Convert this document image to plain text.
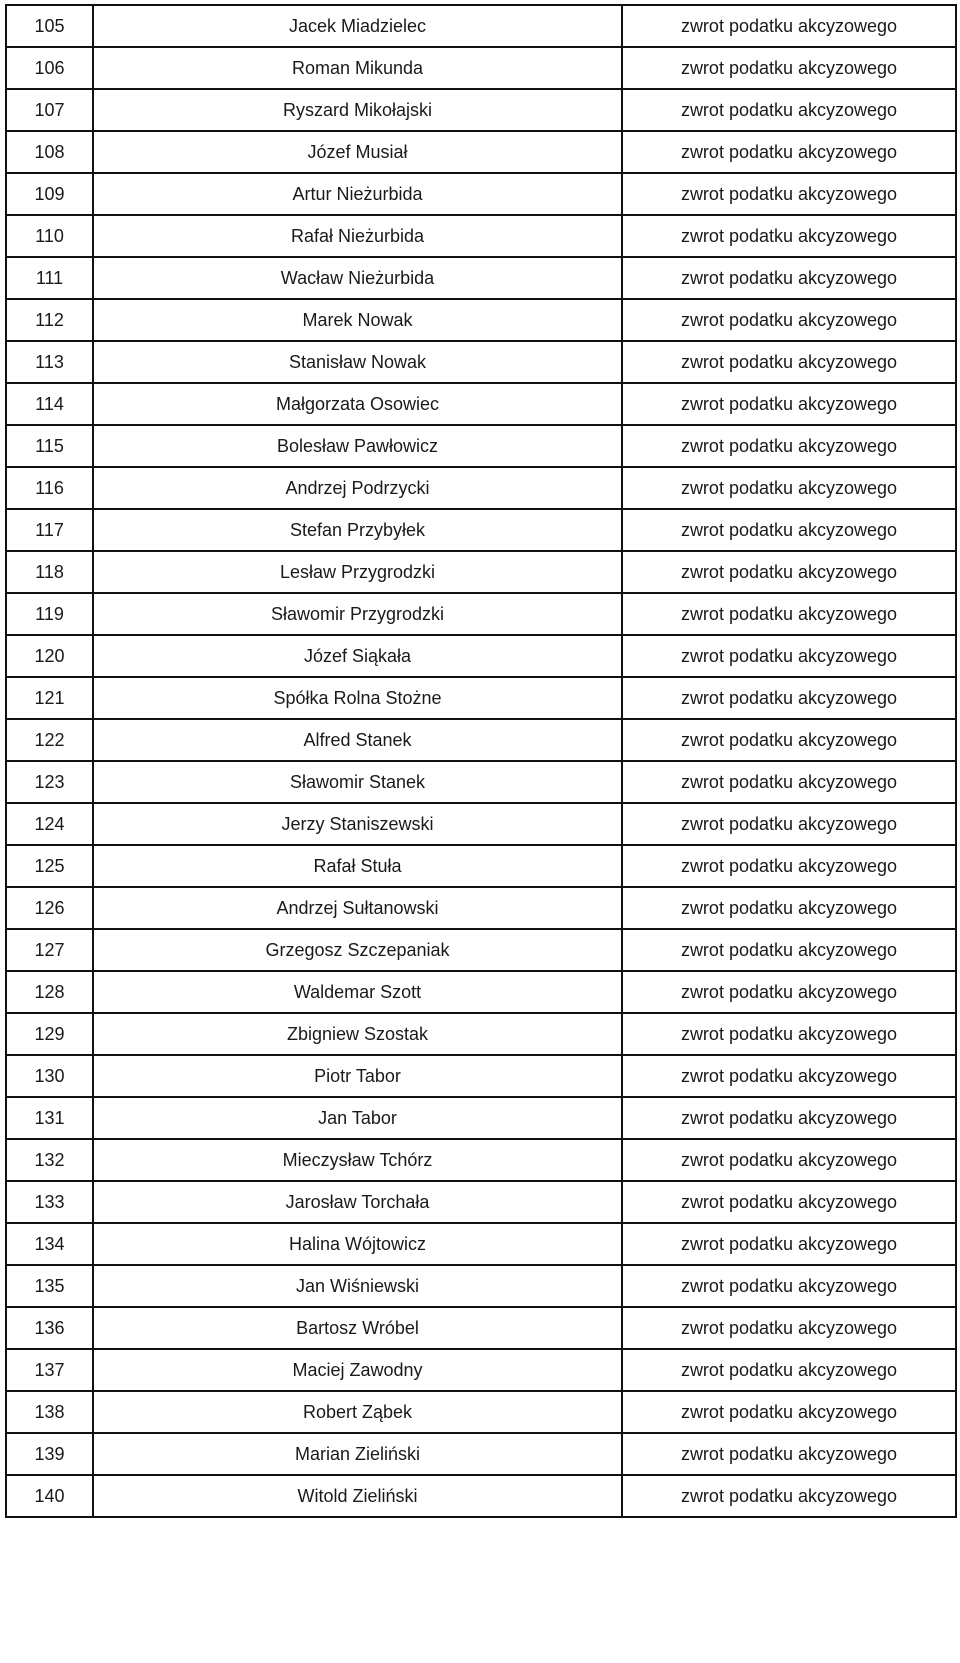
105	Jacek Miadzielec	zwrot podatku akcyzowego
106	Roman Mikunda	zwrot podatku akcyzowego
107	Ryszard Mikołajski	zwrot podatku akcyzowego
108	Józef Musiał	zwrot podatku akcyzowego
109	Artur Nieżurbida	zwrot podatku akcyzowego
110	Rafał Nieżurbida	zwrot podatku akcyzowego
111	Wacław Nieżurbida	zwrot podatku akcyzowego
112	Marek Nowak	zwrot podatku akcyzowego
113	Stanisław Nowak	zwrot podatku akcyzowego
114	Małgorzata Osowiec	zwrot podatku akcyzowego
115	Bolesław Pawłowicz	zwrot podatku akcyzowego
116	Andrzej Podrzycki	zwrot podatku akcyzowego
117	Stefan Przybyłek	zwrot podatku akcyzowego
118	Lesław Przygrodzki	zwrot podatku akcyzowego
119	Sławomir Przygrodzki	zwrot podatku akcyzowego
120	Józef Siąkała	zwrot podatku akcyzowego
121	Spółka Rolna Stożne	zwrot podatku akcyzowego
122	Alfred Stanek	zwrot podatku akcyzowego
123	Sławomir Stanek	zwrot podatku akcyzowego
124	Jerzy Staniszewski	zwrot podatku akcyzowego
125	Rafał Stuła	zwrot podatku akcyzowego
126	Andrzej Sułtanowski	zwrot podatku akcyzowego
127	Grzegosz Szczepaniak	zwrot podatku akcyzowego
128	Waldemar Szott	zwrot podatku akcyzowego
129	Zbigniew Szostak	zwrot podatku akcyzowego
130	Piotr Tabor	zwrot podatku akcyzowego
131	Jan Tabor	zwrot podatku akcyzowego
132	Mieczysław Tchórz	zwrot podatku akcyzowego
133	Jarosław Torchała	zwrot podatku akcyzowego
134	Halina Wójtowicz	zwrot podatku akcyzowego
135	Jan Wiśniewski	zwrot podatku akcyzowego
136	Bartosz Wróbel	zwrot podatku akcyzowego
137	Maciej Zawodny	zwrot podatku akcyzowego
138	Robert Ząbek	zwrot podatku akcyzowego
139	Marian Zieliński	zwrot podatku akcyzowego
140	Witold Zieliński	zwrot podatku akcyzowego
